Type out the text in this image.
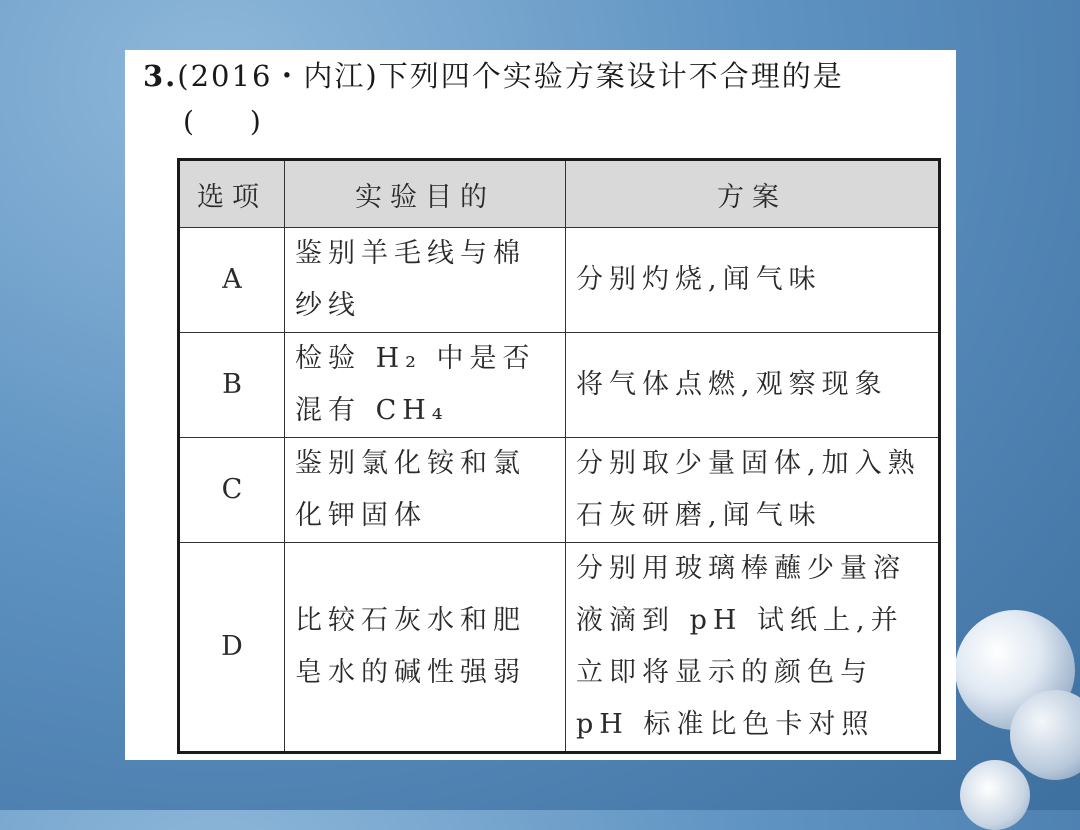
3.(2016・内江)下列四个实验方案设计不合理的是
(　　)
选项	实验目的	方案
A	鉴别羊毛线与棉纱线	分别灼烧,闻气味
B	检验 H₂ 中是否混有 CH₄	将气体点燃,观察现象
C	鉴别氯化铵和氯化钾固体	分别取少量固体,加入熟石灰研磨,闻气味
D	比较石灰水和肥皂水的碱性强弱	分别用玻璃棒蘸少量溶液滴到 pH 试纸上,并立即将显示的颜色与 pH 标准比色卡对照
